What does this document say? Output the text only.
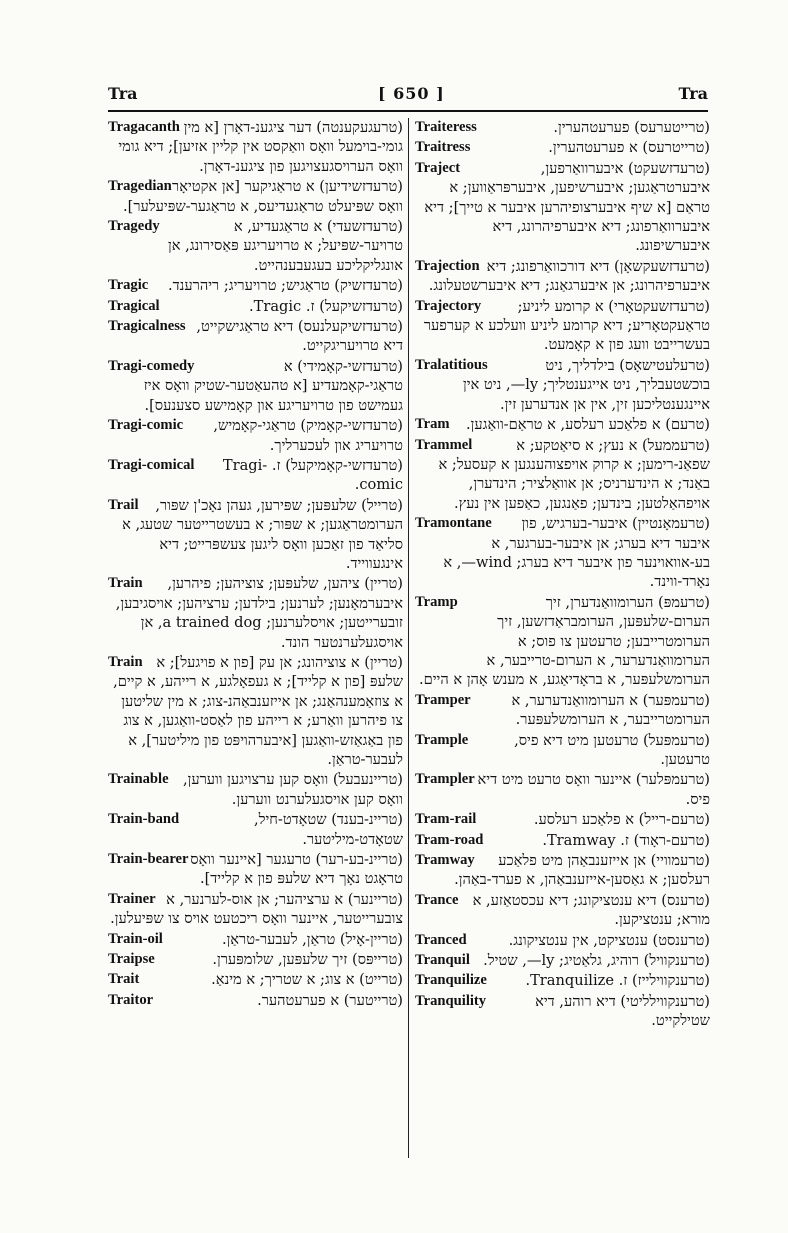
Tra	[ 650 ]	Tra
Tragacanth	(טרעגעקענטה) דער ציגענ-דאָרן [א מין גומי-בוימעל וואָס וואַקסט אין קליין אזיען]; דיא גומי וואָס הערויסגעצויגען פון ציגענ-דאָרן.
Tragedian	(טרעדזשידיען) א טראַגיקער [אן אקטיאָר וואָס שפּיעלט טראַגעדיעס, א טראַגער-שפּיעלער].
Tragedy	(טרעדזשעדי) א טראַגעדיע, א טרויער-שפּיעל; א טרויעריגע פּאַסירונג, אן אונגליקליכע בעגעבענהייט.
Tragic	(טרעדזשיק) טראַגיש; טרויעריג; ריהרענד.
Tragical	(טרעדזשיקעל) ז. Tragic.
Tragicalness	(טרעדזשיקעלנעס) דיא טראַגישקייט, דיא טרויעריגקייט.
Tragi-comedy	(טרעדזשי-קאָמידי) א טראַגי-קאָמעדיע [א טהעאַטער-שטיק וואָס איז געמישט פון טרויעריגע און קאָמישע סצענעס].
Tragi-comic	(טרעדזשי-קאָמיק) טראַגי-קאָמיש, טרויעריג און לעכערליך.
Tragi-comical	(טרעדזשי-קאָמיקעל) ז. Tragi-comic.
Trail	(טרייל) שלעפּען; שפּירען, געהן נאָכ'ן שפּור, הערומטראַגען; א שפּור; א בעשטרייטער שטעג, א סליאַד פון זאַכען וואָס ליגען צעשפּרייט; דיא אינגעווייד.
Train	(טריין) ציהען, שלעפּען; צוציהען; פיהרען, איבערמאָנען; לערנען; בילדען; ערציהען; אויסגיבען, זובערייטען; אויסלערנען; a trained dog, אן אויסגעלערנטער הונד.
Train	(טריין) א צוציהונג; אן עק [פון א פויגעל]; א שלעפּ [פון א קלייד]; א געפאָלגע, א רייהע, א קיים, א צוזאַמענהאַנג; אן אייזענבאַהנ-צוג; א מין שליטען צו פיהרען וואַרע; א רייהע פון לאַסט-וואַגען, א צוג פון באַגאַזש-וואַגען [איבערהויפּט פון מיליטער], א לעבער-טראַן.
Trainable	(טריינעבעל) וואָס קען ערצויגען ווערען, וואָס קען אויסגעלערנט ווערען.
Train-band	(טריינ-בענד) שטאָדט-חיל, שטאָדט-מיליטער.
Train-bearer	(טריינ-בע-רער) טרעגער [איינער וואָס טראָגט נאָך דיא שלעפּ פון א קלייד].
Trainer	(טריינער) א ערציהער; אן אוס-לערנער, א צובערייטער, איינער וואָס ריכטעט אויס צו שפּיעלען.
Train-oil	(טריין-אָיל) טראַן, לעבער-טראַן.
Traipse	(טרייפּס) זיך שלעפּען, שלומפּערן.
Trait	(טרייט) א צוג; א שטריך; א מינאַ.
Traitor	(טרייטער) א פערעטהער.
Traiteress	(טרייטערעס) פערעטהערין.
Traitress	(טרייטרעס) א פערעטהערין.
Traject	(טרעדזשעקט) איבערוואַרפען, איבערטראַגען; איבערשיפען, איבערפּראַווען; א טראַם [א שיף איבערצופיהרען איבער א טייך]; דיא איבערוואַרפונג; דיא איבערפיהרונג, דיא איבערשיפונג.
Trajection	(טרעדזשעקשאָן) דיא דורכוואַרפונג; דיא איבערפיהרונג; אן איבערגאַנג; דיא איבערשטעלונג.
Trajectory	(טרעדזשעקטאָרי) א קרומע ליניע; טראַעקטאָריע; דיא קרומע ליניע וועלכע א קערפער בעשרייבט וועג פון א קאָמעט.
Tralatitious	(טרעלעטישאָס) בילדליך, ניט בוכשטעבליך, ניט אייגענטליך; ly—, ניט אין איינגענטליכען זין, אין אן אנדערען זין.
Tram	(טרעם) א פלאַכע רעלסע, א טראַם-וואַגען.
Trammel	(טרעממעל) א נעץ; א סיאַטקע; א שפאַנ-רימען; א קרוק אויפצוהענגען א קעסעל; א באַנד; א הינדערניס; אן אוואַלציר; הינדערן, אויפהאַלטען; בינדען; פאַנגען, כאַפען אין נעץ.
Tramontane	(טרעמאָנטיין) איבער-בערגיש, פון איבער דיא בערג; אן איבער-בערגער, א בע-אוואוינער פון איבער דיא בערג; wind—, א נאָרד-ווינד.
Tramp	(טרעמפּ) הערומוואַנדערן, זיך הערום-שלעפּען, הערומבראַדזשען, זיך הערומטרייבען; טרעטען צו פוס; א הערומוואַנדערער, א הערום-טרייבער, א הערומשלעפּער, א בראָדיאַגע, א מענש אָהן א היים.
Tramper	(טרעמפּער) א הערומוואַנדערער, א הערומטרייבער, א הערומשלעפּער.
Trample	(טרעמפּעל) טרעטען מיט דיא פיס, טרעטען.
Trampler	(טרעמפּלער) איינער וואָס טרעט מיט דיא פיס.
Tram-rail	(טרעם-רייל) א פלאַכע רעלסע.
Tram-road	(טרעם-ראָוד) ז. Tramway.
Tramway	(טרעמוויי) אן אייזענבאַהן מיט פלאַכע רעלסען; א גאַסען-אייזענבאַהן, א פערד-באַהן.
Trance	(טרענס) דיא ענטציקונג; דיא עכסטאַזע, א מורא; ענטציקען.
Tranced	(טרענסט) ענטציקט, אין ענטציקונג.
Tranquil	(טרענקוויל) רוהיג, גלאַטיג; ly—, שטיל.
Tranquilize	(טרענקווילייז) ז. Tranquilize.
Tranquility	(טרענקווילליטי) דיא רוהע, דיא שטילקייט.
